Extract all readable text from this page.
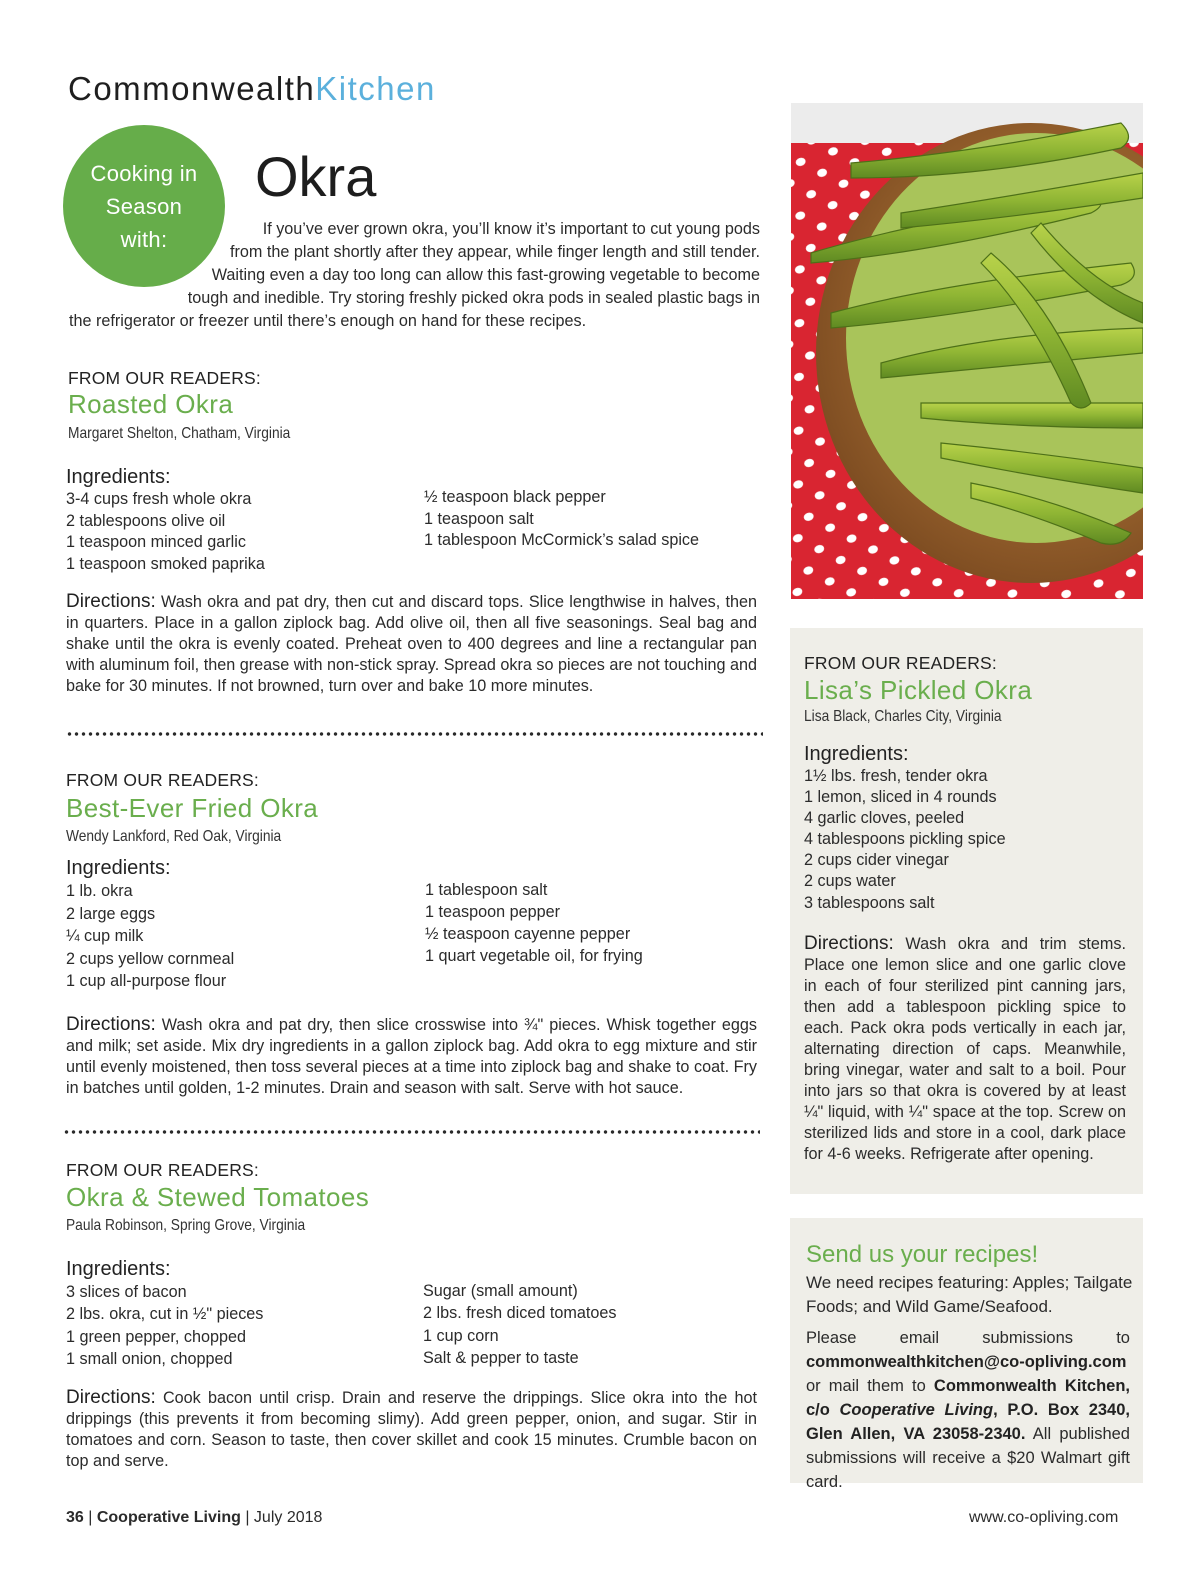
CommonwealthKitchen
Cooking in
Season
with:
Okra
If you’ve ever grown okra, you’ll know it’s important to cut young pods
from the plant shortly after they appear, while finger length and still tender.
Waiting even a day too long can allow this fast-growing vegetable to become
tough and inedible. Try storing freshly picked okra pods in sealed plastic bags in
the refrigerator or freezer until there’s enough on hand for these recipes.
FROM OUR READERS:
Roasted Okra
Margaret Shelton, Chatham, Virginia
Ingredients:
3-4 cups fresh whole okra
2 tablespoons olive oil
1 teaspoon minced garlic
1 teaspoon smoked paprika
½ teaspoon black pepper
1 teaspoon salt
1 tablespoon McCormick’s salad spice
Directions: Wash okra and pat dry, then cut and discard tops. Slice lengthwise in halves, then in quarters. Place in a gallon ziplock bag. Add olive oil, then all five seasonings. Seal bag and shake until the okra is evenly coated. Preheat oven to 400 degrees and line a rectangular pan with aluminum foil, then grease with non-stick spray. Spread okra so pieces are not touching and bake for 30 minutes. If not browned, turn over and bake 10 more minutes.
FROM OUR READERS:
Best-Ever Fried Okra
Wendy Lankford, Red Oak, Virginia
Ingredients:
1 lb. okra
2 large eggs
¼ cup milk
2 cups yellow cornmeal
1 cup all-purpose flour
1 tablespoon salt
1 teaspoon pepper
½ teaspoon cayenne pepper
1 quart vegetable oil, for frying
Directions: Wash okra and pat dry, then slice crosswise into ¾" pieces. Whisk together eggs and milk; set aside. Mix dry ingredients in a gallon ziplock bag. Add okra to egg mixture and stir until evenly moistened, then toss several pieces at a time into ziplock bag and shake to coat. Fry in batches until golden, 1-2 minutes. Drain and season with salt. Serve with hot sauce.
FROM OUR READERS:
Okra & Stewed Tomatoes
Paula Robinson, Spring Grove, Virginia
Ingredients:
3 slices of bacon
2 lbs. okra, cut in ½" pieces
1 green pepper, chopped
1 small onion, chopped
Sugar (small amount)
2 lbs. fresh diced tomatoes
1 cup corn
Salt & pepper to taste
Directions: Cook bacon until crisp. Drain and reserve the drippings. Slice okra into the hot drippings (this prevents it from becoming slimy). Add green pepper, onion, and sugar. Stir in tomatoes and corn. Season to taste, then cover skillet and cook 15 minutes. Crumble bacon on top and serve.
FROM OUR READERS:
Lisa’s Pickled Okra
Lisa Black, Charles City, Virginia
Ingredients:
1½ lbs. fresh, tender okra
1 lemon, sliced in 4 rounds
4 garlic cloves, peeled
4 tablespoons pickling spice
2 cups cider vinegar
2 cups water
3 tablespoons salt
Directions: Wash okra and trim stems. Place one lemon slice and one garlic clove in each of four sterilized pint canning jars, then add a tablespoon pickling spice to each. Pack okra pods vertically in each jar, alternating direction of caps. Meanwhile, bring vinegar, water and salt to a boil. Pour into jars so that okra is covered by at least ¼" liquid, with ¼" space at the top. Screw on sterilized lids and store in a cool, dark place for 4-6 weeks. Refrigerate after opening.
Send us your recipes!
We need recipes featuring: Apples; Tailgate Foods; and Wild Game/Seafood.
Please email submissions to commonwealthkitchen@co-opliving.com or mail them to Commonwealth Kitchen, c/o Cooperative Living, P.O. Box 2340, Glen Allen, VA 23058-2340. All published submissions will receive a $20 Walmart gift card.
36 | Cooperative Living | July 2018	www.co-opliving.com
